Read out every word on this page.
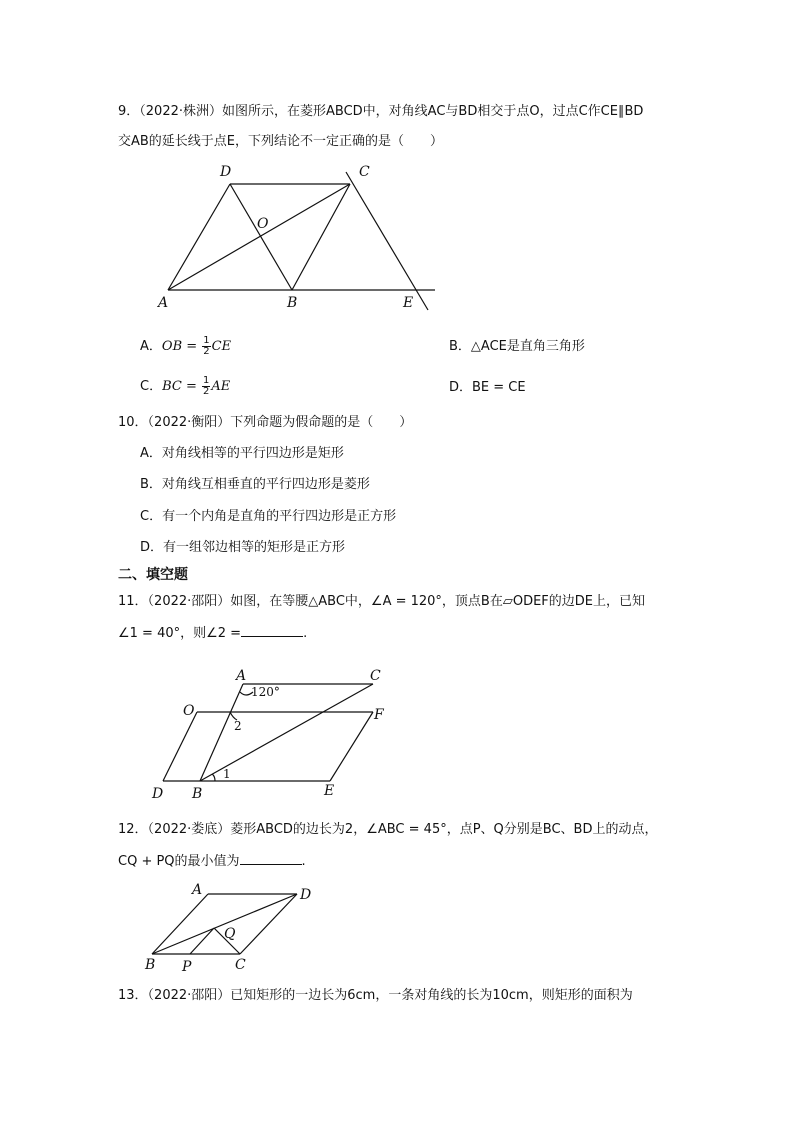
9．（2022·株洲）如图所示，在菱形ABCD中，对角线AC与BD相交于点O，过点C作CE∥BD
交AB的延长线于点E，下列结论不一定正确的是（　　）
D	C
O
A	B	E
A．OB = $\frac{1}{2}$ CE	B．△ACE是直角三角形
C．BC = $\frac{1}{2}$ AE	D．BE = CE
10．（2022·衡阳）下列命题为假命题的是（　　）
A．对角线相等的平行四边形是矩形
B．对角线互相垂直的平行四边形是菱形
C．有一个内角是直角的平行四边形是正方形
D．有一组邻边相等的矩形是正方形
二、填空题
11．（2022·邵阳）如图，在等腰△ABC中，∠A = 120°，顶点B在▱ODEF的边DE上，已知
∠1 = 40°，则∠2 =	.
A	C
O	F
D B	E
120°
2
1
12．（2022·娄底）菱形ABCD的边长为2，∠ABC = 45°，点P、Q分别是BC、BD上的动点，
CQ + PQ的最小值为	.
A	D
Q
B P	C
13．（2022·邵阳）已知矩形的一边长为6cm，一条对角线的长为10cm，则矩形的面积为
